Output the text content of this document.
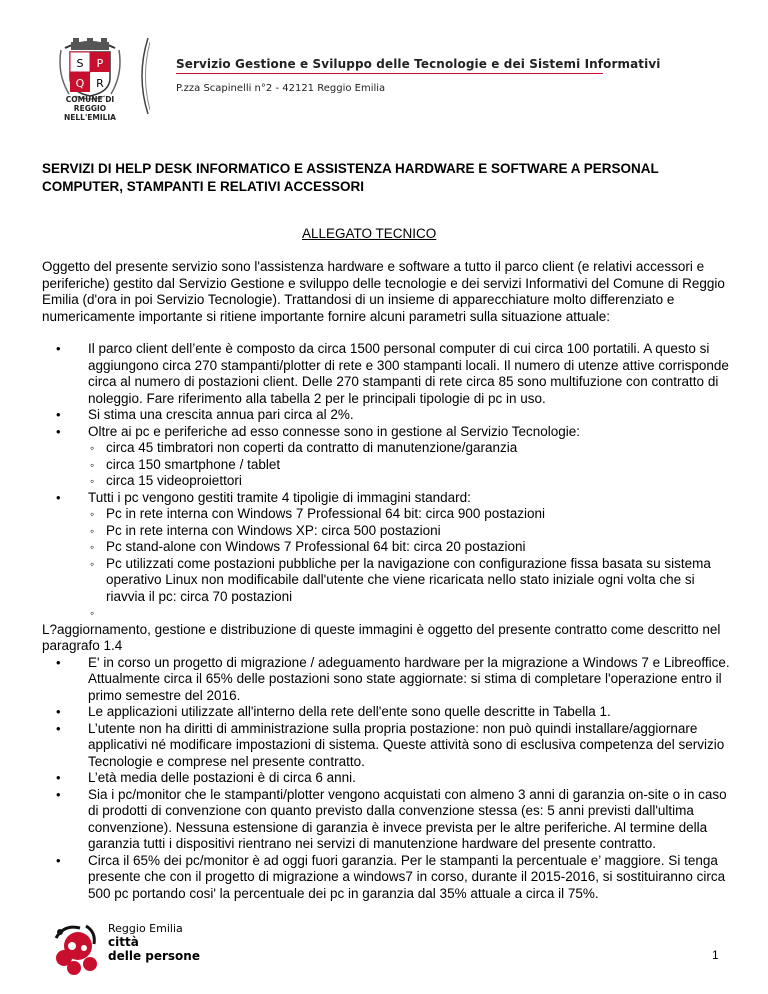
S P
Q R
COMUNE DI
REGGIO NELL'EMILIA
Servizio Gestione e Sviluppo delle Tecnologie e dei Sistemi Informativi
P.zza Scapinelli n°2 - 42121 Reggio Emilia
SERVIZI DI HELP DESK INFORMATICO E ASSISTENZA HARDWARE E SOFTWARE A PERSONAL COMPUTER, STAMPANTI E RELATIVI ACCESSORI
ALLEGATO TECNICO
Oggetto del presente servizio sono l'assistenza hardware e software a tutto il parco client (e relativi accessori e periferiche) gestito dal Servizio Gestione e sviluppo delle tecnologie e dei servizi Informativi del Comune di Reggio Emilia (d'ora in poi Servizio Tecnologie). Trattandosi di un insieme di apparecchiature molto differenziato e numericamente importante si ritiene importante fornire alcuni parametri sulla situazione attuale:
• Il parco client dell’ente è composto da circa 1500 personal computer di cui circa 100 portatili. A questo si aggiungono circa 270 stampanti/plotter di rete e 300 stampanti locali. Il numero di utenze attive corrisponde circa al numero di postazioni client. Delle 270 stampanti di rete circa 85 sono multifuzione con contratto di noleggio. Fare riferimento alla tabella 2 per le principali tipologie di pc in uso.
• Si stima una crescita annua pari circa al 2%.
• Oltre ai pc e periferiche ad esso connesse sono in gestione al Servizio Tecnologie:
◦ circa 45 timbratori non coperti da contratto di manutenzione/garanzia
◦ circa 150 smartphone / tablet
◦ circa 15 videoproiettori
• Tutti i pc vengono gestiti tramite 4 tipoligie di immagini standard:
◦ Pc in rete interna con Windows 7 Professional 64 bit: circa 900 postazioni
◦ Pc in rete interna con Windows XP: circa 500 postazioni
◦ Pc stand-alone con Windows 7 Professional 64 bit: circa 20 postazioni
◦ Pc utilizzati come postazioni pubbliche per la navigazione con configurazione fissa basata su sistema operativo Linux non modificabile dall'utente che viene ricaricata nello stato iniziale ogni volta che si riavvia il pc: circa 70 postazioni
◦
L?aggiornamento, gestione e distribuzione di queste immagini è oggetto del presente contratto come descritto nel paragrafo 1.4
• E' in corso un progetto di migrazione / adeguamento hardware per la migrazione a Windows 7 e Libreoffice. Attualmente circa il 65% delle postazioni sono state aggiornate: si stima di completare l'operazione entro il primo semestre del 2016.
• Le applicazioni utilizzate all'interno della rete dell'ente sono quelle descritte in Tabella 1.
• L’utente non ha diritti di amministrazione sulla propria postazione: non può quindi installare/aggiornare applicativi né modificare impostazioni di sistema. Queste attività sono di esclusiva competenza del servizio Tecnologie e comprese nel presente contratto.
• L’età media delle postazioni è di circa 6 anni.
• Sia i pc/monitor che le stampanti/plotter vengono acquistati con almeno 3 anni di garanzia on-site o in caso di prodotti di convenzione con quanto previsto dalla convenzione stessa (es: 5 anni previsti dall'ultima convenzione). Nessuna estensione di garanzia è invece prevista per le altre periferiche. Al termine della garanzia tutti i dispositivi rientrano nei servizi di manutenzione hardware del presente contratto.
• Circa il 65% dei pc/monitor è ad oggi fuori garanzia. Per le stampanti la percentuale e’ maggiore. Si tenga presente che con il progetto di migrazione a windows7 in corso, durante il 2015-2016, si sostituiranno circa 500 pc portando cosi' la percentuale dei pc in garanzia dal 35% attuale a circa il 75%.
Reggio Emilia
città
delle persone	1
